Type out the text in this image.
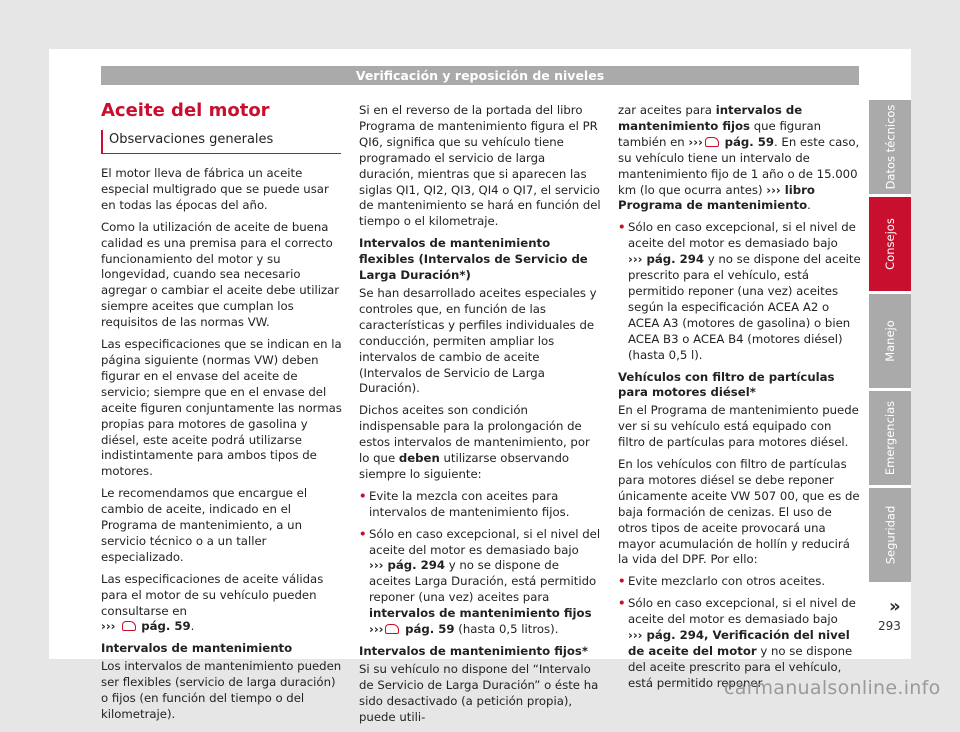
Verificación y reposición de niveles
Aceite del motor
Observaciones generales

El motor lleva de fábrica un aceite especial multigrado que se puede usar en todas las épocas del año.

Como la utilización de aceite de buena calidad es una premisa para el correcto funcionamiento del motor y su longevidad, cuando sea necesario agregar o cambiar el aceite debe utilizar siempre aceites que cumplan los requisitos de las normas VW.

Las especificaciones que se indican en la página siguiente (normas VW) deben figurar en el envase del aceite de servicio; siempre que en el envase del aceite figuren conjuntamente las normas propias para motores de gasolina y diésel, este aceite podrá utilizarse indistintamente para ambos tipos de motores.

Le recomendamos que encargue el cambio de aceite, indicado en el Programa de mantenimiento, a un servicio técnico o a un taller especializado.

Las especificaciones de aceite válidas para el motor de su vehículo pueden consultarse en
›››  pág. 59.

Intervalos de mantenimiento

Los intervalos de mantenimiento pueden ser flexibles (servicio de larga duración) o fijos (en función del tiempo o del kilometraje).

Si en el reverso de la portada del libro Programa de mantenimiento figura el PR QI6, significa que su vehículo tiene programado el servicio de larga duración, mientras que si aparecen las siglas QI1, QI2, QI3, QI4 o QI7, el servicio de mantenimiento se hará en función del tiempo o el kilometraje.

Intervalos de mantenimiento flexibles (Intervalos de Servicio de Larga Duración*)

Se han desarrollado aceites especiales y controles que, en función de las características y perfiles individuales de conducción, permiten ampliar los intervalos de cambio de aceite (Intervalos de Servicio de Larga Duración).

Dichos aceites son condición indispensable para la prolongación de estos intervalos de mantenimiento, por lo que deben utilizarse observando siempre lo siguiente:

• Evite la mezcla con aceites para intervalos de mantenimiento fijos.

• Sólo en caso excepcional, si el nivel del aceite del motor es demasiado bajo
››› pág. 294 y no se dispone de aceites Larga Duración, está permitido reponer (una vez) aceites para intervalos de mantenimiento fijos ››› pág. 59 (hasta 0,5 litros).

Intervalos de mantenimiento fijos*

Si su vehículo no dispone del “Intervalo de Servicio de Larga Duración” o éste ha sido desactivado (a petición propia), puede utili-

zar aceites para intervalos de mantenimiento fijos que figuran también en ››› pág. 59. En este caso, su vehículo tiene un intervalo de mantenimiento fijo de 1 año o de 15.000 km (lo que ocurra antes) ››› libro Programa de mantenimiento.

• Sólo en caso excepcional, si el nivel de aceite del motor es demasiado bajo
››› pág. 294 y no se dispone del aceite prescrito para el vehículo, está permitido reponer (una vez) aceites según la especificación ACEA A2 o ACEA A3 (motores de gasolina) o bien ACEA B3 o ACEA B4 (motores diésel) (hasta 0,5 l).

Vehículos con filtro de partículas para motores diésel*

En el Programa de mantenimiento puede ver si su vehículo está equipado con filtro de partículas para motores diésel.

En los vehículos con filtro de partículas para motores diésel se debe reponer únicamente aceite VW 507 00, que es de baja formación de cenizas. El uso de otros tipos de aceite provocará una mayor acumulación de hollín y reducirá la vida del DPF. Por ello:

• Evite mezclarlo con otros aceites.

• Sólo en caso excepcional, si el nivel de aceite del motor es demasiado bajo
››› pág. 294, Verificación del nivel de aceite del motor y no se dispone del aceite prescrito para el vehículo, está permitido reponer

Datos técnicos
Consejos
Manejo
Emergencias
Seguridad
»
293
carmanualsonline.info
